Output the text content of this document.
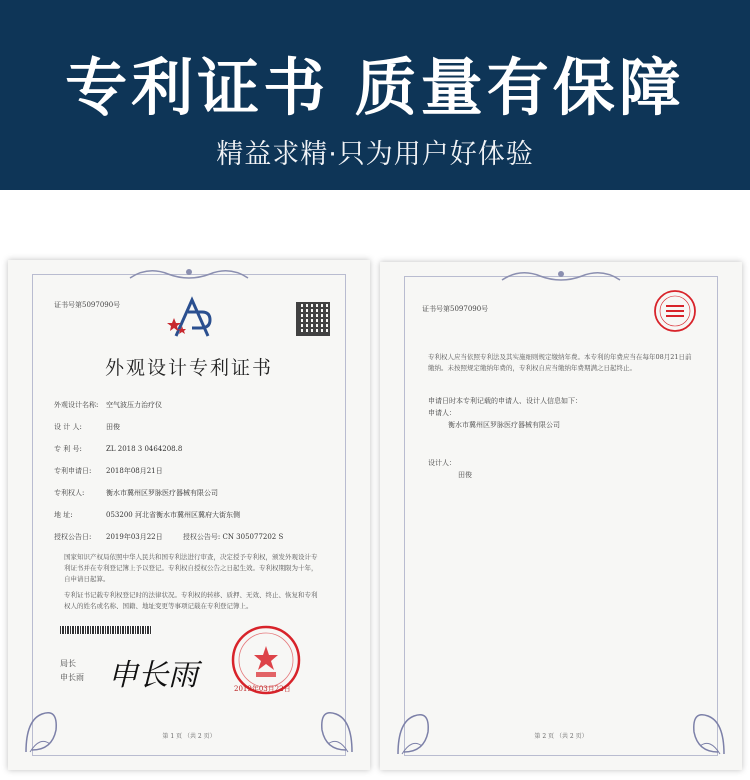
专利证书 质量有保障
精益求精·只为用户好体验
证书号第5097090号
外观设计专利证书
外观设计名称: 空气波压力治疗仪
设 计 人:	田俊
专 利 号:	ZL 2018 3 0464208.8
专利申请日: 2018年08月21日
专利权人:	衡水市冀州区罗脉医疗器械有限公司
地 址:	053200 河北省衡水市冀州区冀府大街东侧
授权公告日: 2019年03月22日	授权公告号: CN 305077202 S
国家知识产权局依照中华人民共和国专利法进行审查，决定授予专利权，颁发外观设计专利证书并在专利登记簿上予以登记。专利权自授权公告之日起生效。专利权期限为十年，自申请日起算。
专利证书记载专利权登记时的法律状况。专利权的转移、质押、无效、终止、恢复和专利权人的姓名或名称、国籍、地址变更等事项记载在专利登记簿上。
局长
申长雨 申长雨	2019年03月22日
第 1 页 （共 2 页）
证书号第5097090号
专利权人应当依照专利法及其实施细则规定缴纳年费。本专利的年费应当在每年08月21日前缴纳。未按照规定缴纳年费的，专利权自应当缴纳年费期满之日起终止。
申请日时本专利记载的申请人、设计人信息如下：
申请人：
衡水市冀州区罗脉医疗器械有限公司
设计人：
田俊
第 2 页 （共 2 页）
